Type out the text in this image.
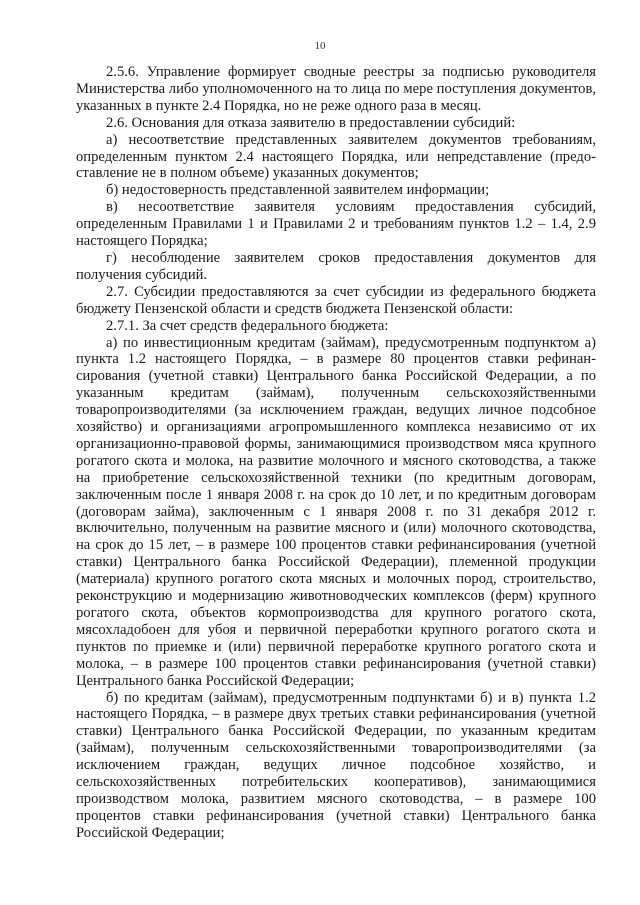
10

2.5.6. Управление формирует сводные реестры за подписью руководителя Министерства либо уполномоченного на то лица по мере поступления документов, указанных в пункте 2.4 Порядка, но не реже одного раза в месяц.

2.6. Основания для отказа заявителю в предоставлении субсидий:

а) несоответствие представленных заявителем документов требованиям, определенным пунктом 2.4 настоящего Порядка, или непредставление (предоставление не в полном объеме) указанных документов;

б) недостоверность представленной заявителем информации;

в) несоответствие заявителя условиям предоставления субсидий, определенным Правилами 1 и Правилами 2 и требованиям пунктов 1.2 – 1.4, 2.9 настоящего Порядка;

г) несоблюдение заявителем сроков предоставления документов для получения субсидий.

2.7. Субсидии предоставляются за счет субсидии из федерального бюджета бюджету Пензенской области и средств бюджета Пензенской области:

2.7.1. За счет средств федерального бюджета:

а) по инвестиционным кредитам (займам), предусмотренным подпунктом а) пункта 1.2 настоящего Порядка, – в размере 80 процентов ставки рефинансирования (учетной ставки) Центрального банка Российской Федерации, а по указанным кредитам (займам), полученным сельскохозяйственными товаропроизводителями (за исключением граждан, ведущих личное подсобное хозяйство) и организациями агропромышленного комплекса независимо от их организационно-правовой формы, занимающимися производством мяса крупного рогатого скота и молока, на развитие молочного и мясного скотоводства, а также на приобретение сельскохозяйственной техники (по кредитным договорам, заключенным после 1 января 2008 г. на срок до 10 лет, и по кредитным договорам (договорам займа), заключенным с 1 января 2008 г. по 31 декабря 2012 г. включительно, полученным на развитие мясного и (или) молочного скотоводства, на срок до 15 лет, – в размере 100 процентов ставки рефинансирования (учетной ставки) Центрального банка Российской Федерации), племенной продукции (материала) крупного рогатого скота мясных и молочных пород, строительство, реконструкцию и модернизацию животноводческих комплексов (ферм) крупного рогатого скота, объектов кормопроизводства для крупного рогатого скота, мясохладобоен для убоя и первичной переработки крупного рогатого скота и пунктов по приемке и (или) первичной переработке крупного рогатого скота и молока, – в размере 100 процентов ставки рефинансирования (учетной ставки) Центрального банка Российской Федерации;

б) по кредитам (займам), предусмотренным подпунктами б) и в) пункта 1.2 настоящего Порядка, – в размере двух третьих ставки рефинансирования (учетной ставки) Центрального банка Российской Федерации, по указанным кредитам (займам), полученным сельскохозяйственными товаропроизводителями (за исключением граждан, ведущих личное подсобное хозяйство, и сельскохозяйственных потребительских кооперативов), занимающимися производством молока, развитием мясного скотоводства, – в размере 100 процентов ставки рефинансирования (учетной ставки) Центрального банка Российской Федерации;
